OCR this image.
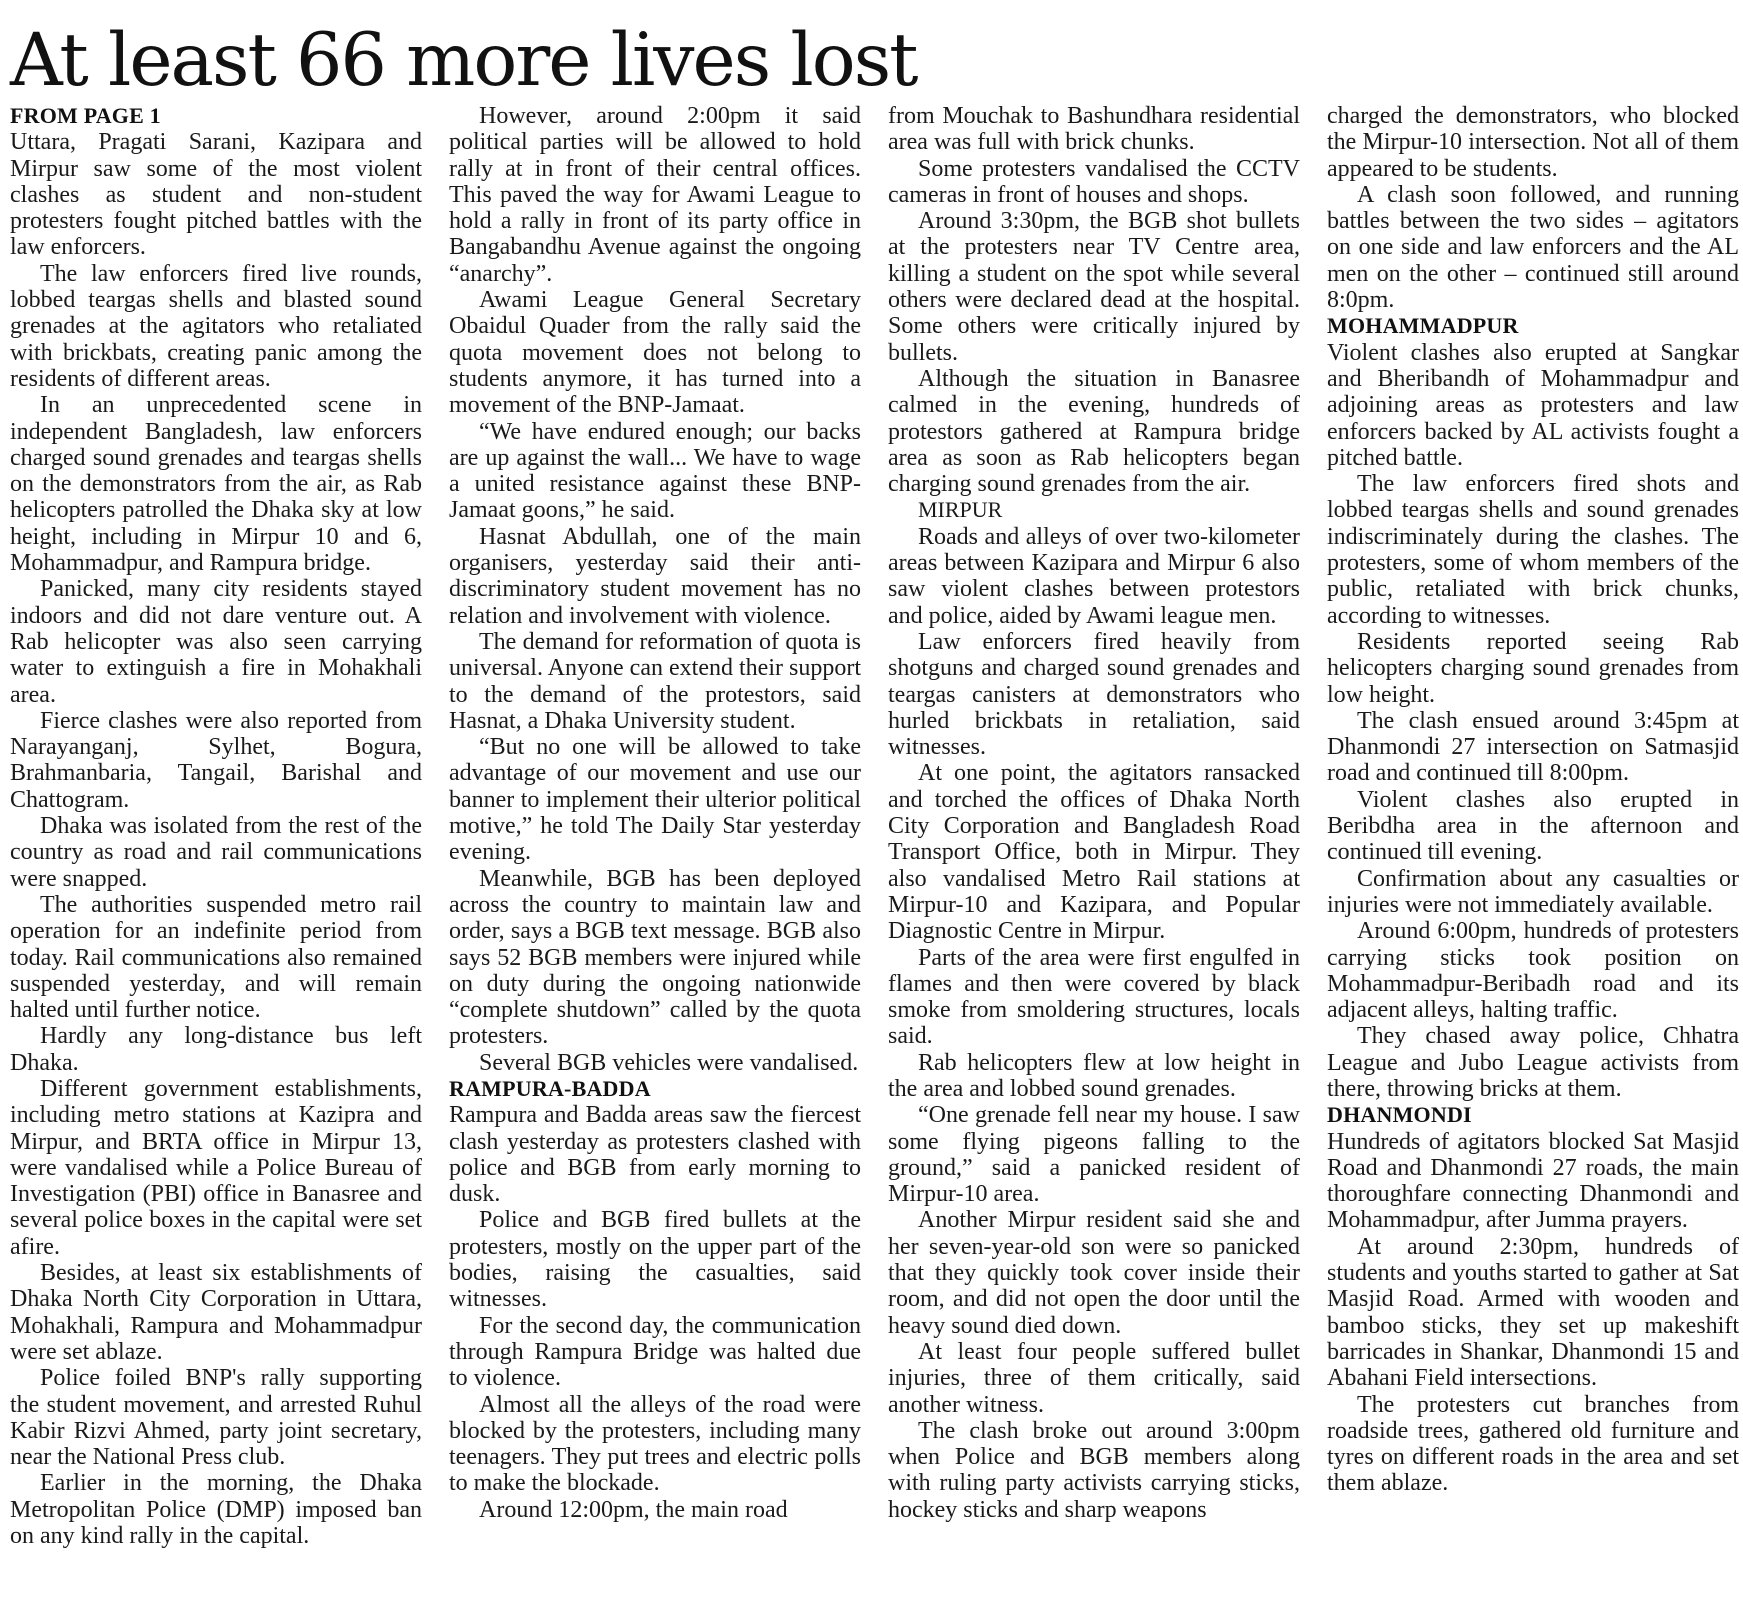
At least 66 more lives lost
FROM PAGE 1

Uttara, Pragati Sarani, Kazipara and Mirpur saw some of the most violent clashes as student and non-student protesters fought pitched battles with the law enforcers.

The law enforcers fired live rounds, lobbed teargas shells and blasted sound grenades at the agitators who retaliated with brickbats, creating panic among the residents of different areas.

In an unprecedented scene in independent Bangladesh, law enforcers charged sound grenades and teargas shells on the demonstrators from the air, as Rab helicopters patrolled the Dhaka sky at low height, including in Mirpur 10 and 6, Mohammadpur, and Rampura bridge.

Panicked, many city residents stayed indoors and did not dare venture out. A Rab helicopter was also seen carrying water to extinguish a fire in Mohakhali area.

Fierce clashes were also reported from Narayanganj, Sylhet, Bogura, Brahmanbaria, Tangail, Barishal and Chattogram.

Dhaka was isolated from the rest of the country as road and rail communications were snapped.

The authorities suspended metro rail operation for an indefinite period from today. Rail communications also remained suspended yesterday, and will remain halted until further notice.

Hardly any long-distance bus left Dhaka.

Different government establishments, including metro stations at Kazipra and Mirpur, and BRTA office in Mirpur 13, were vandalised while a Police Bureau of Investigation (PBI) office in Banasree and several police boxes in the capital were set afire.

Besides, at least six establishments of Dhaka North City Corporation in Uttara, Mohakhali, Rampura and Mohammadpur were set ablaze.

Police foiled BNP's rally supporting the student movement, and arrested Ruhul Kabir Rizvi Ahmed, party joint secretary, near the National Press club.

Earlier in the morning, the Dhaka Metropolitan Police (DMP) imposed ban on any kind rally in the capital.

However, around 2:00pm it said political parties will be allowed to hold rally at in front of their central offices. This paved the way for Awami League to hold a rally in front of its party office in Bangabandhu Avenue against the ongoing “anarchy”.

Awami League General Secretary Obaidul Quader from the rally said the quota movement does not belong to students anymore, it has turned into a movement of the BNP-Jamaat.

“We have endured enough; our backs are up against the wall... We have to wage a united resistance against these BNP-Jamaat goons,” he said.

Hasnat Abdullah, one of the main organisers, yesterday said their anti-discriminatory student movement has no relation and involvement with violence.

The demand for reformation of quota is universal. Anyone can extend their support to the demand of the protestors, said Hasnat, a Dhaka University student.

“But no one will be allowed to take advantage of our movement and use our banner to implement their ulterior political motive,” he told The Daily Star yesterday evening.

Meanwhile, BGB has been deployed across the country to maintain law and order, says a BGB text message. BGB also says 52 BGB members were injured while on duty during the ongoing nationwide “complete shutdown” called by the quota protesters.

Several BGB vehicles were vandalised.

RAMPURA-BADDA

Rampura and Badda areas saw the fiercest clash yesterday as protesters clashed with police and BGB from early morning to dusk.

Police and BGB fired bullets at the protesters, mostly on the upper part of the bodies, raising the casualties, said witnesses.

For the second day, the communication through Rampura Bridge was halted due to violence.

Almost all the alleys of the road were blocked by the protesters, including many teenagers. They put trees and electric polls to make the blockade.

Around 12:00pm, the main road

from Mouchak to Bashundhara residential area was full with brick chunks.

Some protesters vandalised the CCTV cameras in front of houses and shops.

Around 3:30pm, the BGB shot bullets at the protesters near TV Centre area, killing a student on the spot while several others were declared dead at the hospital. Some others were critically injured by bullets.

Although the situation in Banasree calmed in the evening, hundreds of protestors gathered at Rampura bridge area as soon as Rab helicopters began charging sound grenades from the air.

MIRPUR

Roads and alleys of over two-kilometer areas between Kazipara and Mirpur 6 also saw violent clashes between protestors and police, aided by Awami league men.

Law enforcers fired heavily from shotguns and charged sound grenades and teargas canisters at demonstrators who hurled brickbats in retaliation, said witnesses.

At one point, the agitators ransacked and torched the offices of Dhaka North City Corporation and Bangladesh Road Transport Office, both in Mirpur. They also vandalised Metro Rail stations at Mirpur-10 and Kazipara, and Popular Diagnostic Centre in Mirpur.

Parts of the area were first engulfed in flames and then were covered by black smoke from smoldering structures, locals said.

Rab helicopters flew at low height in the area and lobbed sound grenades.

“One grenade fell near my house. I saw some flying pigeons falling to the ground,” said a panicked resident of Mirpur-10 area.

Another Mirpur resident said she and her seven-year-old son were so panicked that they quickly took cover inside their room, and did not open the door until the heavy sound died down.

At least four people suffered bullet injuries, three of them critically, said another witness.

The clash broke out around 3:00pm when Police and BGB members along with ruling party activists carrying sticks, hockey sticks and sharp weapons

charged the demonstrators, who blocked the Mirpur-10 intersection. Not all of them appeared to be students.

A clash soon followed, and running battles between the two sides – agitators on one side and law enforcers and the AL men on the other – continued still around 8:0pm.

MOHAMMADPUR

Violent clashes also erupted at Sangkar and Bheribandh of Mohammadpur and adjoining areas as protesters and law enforcers backed by AL activists fought a pitched battle.

The law enforcers fired shots and lobbed teargas shells and sound grenades indiscriminately during the clashes. The protesters, some of whom members of the public, retaliated with brick chunks, according to witnesses.

Residents reported seeing Rab helicopters charging sound grenades from low height.

The clash ensued around 3:45pm at Dhanmondi 27 intersection on Satmasjid road and continued till 8:00pm.

Violent clashes also erupted in Beribdha area in the afternoon and continued till evening.

Confirmation about any casualties or injuries were not immediately available.

Around 6:00pm, hundreds of protesters carrying sticks took position on Mohammadpur-Beribadh road and its adjacent alleys, halting traffic.

They chased away police, Chhatra League and Jubo League activists from there, throwing bricks at them.

DHANMONDI

Hundreds of agitators blocked Sat Masjid Road and Dhanmondi 27 roads, the main thoroughfare connecting Dhanmondi and Mohammadpur, after Jumma prayers.

At around 2:30pm, hundreds of students and youths started to gather at Sat Masjid Road. Armed with wooden and bamboo sticks, they set up makeshift barricades in Shankar, Dhanmondi 15 and Abahani Field intersections.

The protesters cut branches from roadside trees, gathered old furniture and tyres on different roads in the area and set them ablaze.
